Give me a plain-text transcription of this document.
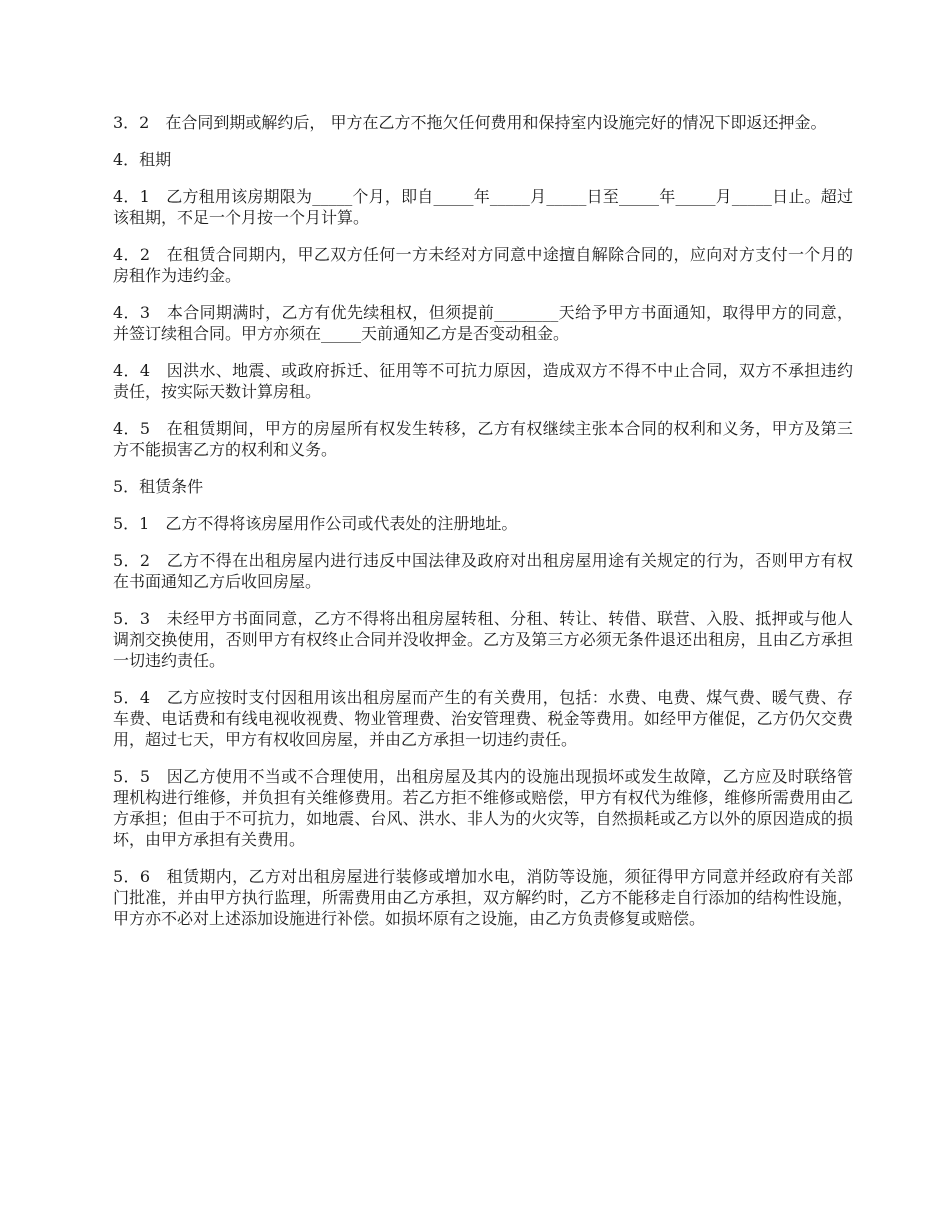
3．2　在合同到期或解约后， 甲方在乙方不拖欠任何费用和保持室内设施完好的情况下即返还押金。

4．租期

4．1　乙方租用该房期限为_____个月，即自_____年_____月_____日至_____年_____月_____日止。超过该租期，不足一个月按一个月计算。

4．2　在租赁合同期内，甲乙双方任何一方未经对方同意中途擅自解除合同的，应向对方支付一个月的房租作为违约金。

4．3　本合同期满时，乙方有优先续租权，但须提前________天给予甲方书面通知，取得甲方的同意，并签订续租合同。甲方亦须在_____天前通知乙方是否变动租金。

4．4　因洪水、地震、或政府拆迁、征用等不可抗力原因，造成双方不得不中止合同，双方不承担违约责任，按实际天数计算房租。

4．5　在租赁期间，甲方的房屋所有权发生转移，乙方有权继续主张本合同的权利和义务，甲方及第三方不能损害乙方的权利和义务。

5．租赁条件

5．1　乙方不得将该房屋用作公司或代表处的注册地址。

5．2　乙方不得在出租房屋内进行违反中国法律及政府对出租房屋用途有关规定的行为，否则甲方有权在书面通知乙方后收回房屋。

5．3　未经甲方书面同意，乙方不得将出租房屋转租、分租、转让、转借、联营、入股、抵押或与他人调剂交换使用，否则甲方有权终止合同并没收押金。乙方及第三方必须无条件退还出租房，且由乙方承担一切违约责任。

5．4　乙方应按时支付因租用该出租房屋而产生的有关费用，包括：水费、电费、煤气费、暖气费、存车费、电话费和有线电视收视费、物业管理费、治安管理费、税金等费用。如经甲方催促，乙方仍欠交费用，超过七天，甲方有权收回房屋，并由乙方承担一切违约责任。

5．5　因乙方使用不当或不合理使用，出租房屋及其内的设施出现损坏或发生故障，乙方应及时联络管理机构进行维修，并负担有关维修费用。若乙方拒不维修或赔偿，甲方有权代为维修，维修所需费用由乙方承担；但由于不可抗力，如地震、台风、洪水、非人为的火灾等，自然损耗或乙方以外的原因造成的损坏，由甲方承担有关费用。

5．6　租赁期内，乙方对出租房屋进行装修或增加水电，消防等设施，须征得甲方同意并经政府有关部门批准，并由甲方执行监理，所需费用由乙方承担，双方解约时，乙方不能移走自行添加的结构性设施，甲方亦不必对上述添加设施进行补偿。如损坏原有之设施，由乙方负责修复或赔偿。
